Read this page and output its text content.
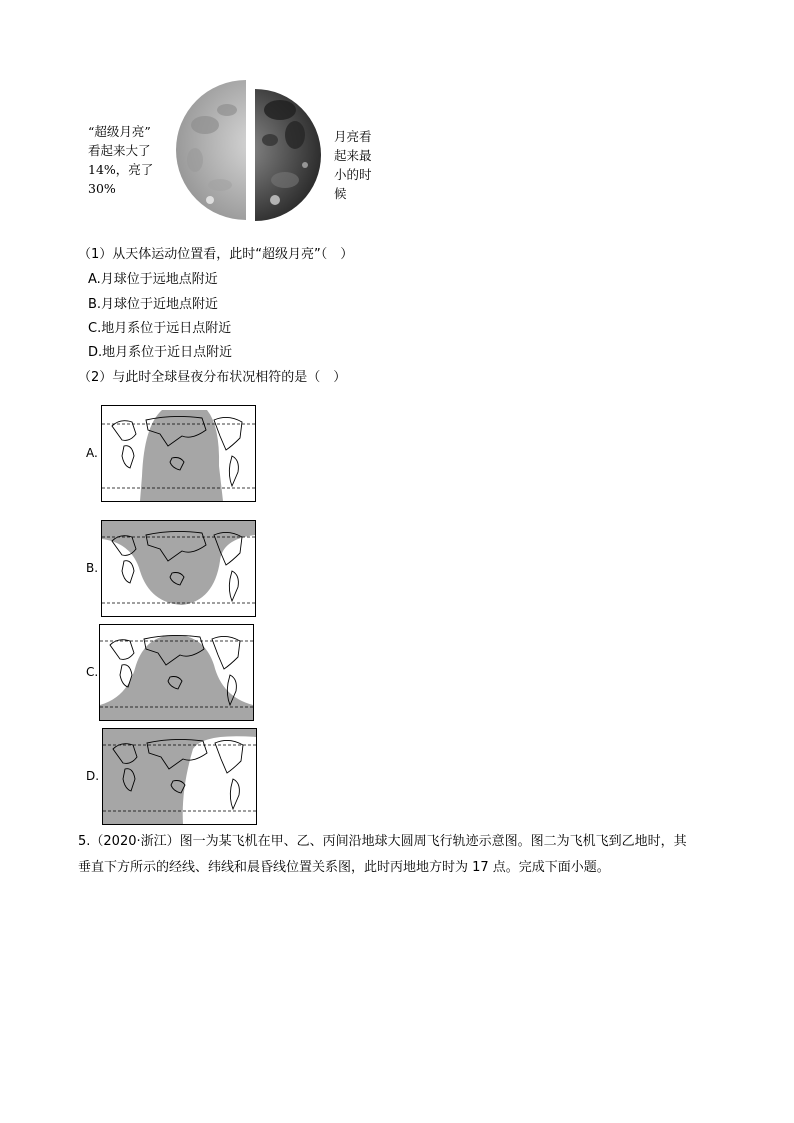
“超级月亮”
看起来大了
14%，亮了
30%
月亮看
起来最
小的时
候
（1）从天体运动位置看，此时“超级月亮”（　）
A.月球位于远地点附近
B.月球位于近地点附近
C.地月系位于远日点附近
D.地月系位于近日点附近
（2）与此时全球昼夜分布状况相符的是（　）
A.
B.
C.
D.
5.（2020·浙江）图一为某飞机在甲、乙、丙间沿地球大圆周飞行轨迹示意图。图二为飞机飞到乙地时，其
垂直下方所示的经线、纬线和晨昏线位置关系图，此时丙地地方时为 17 点。完成下面小题。
